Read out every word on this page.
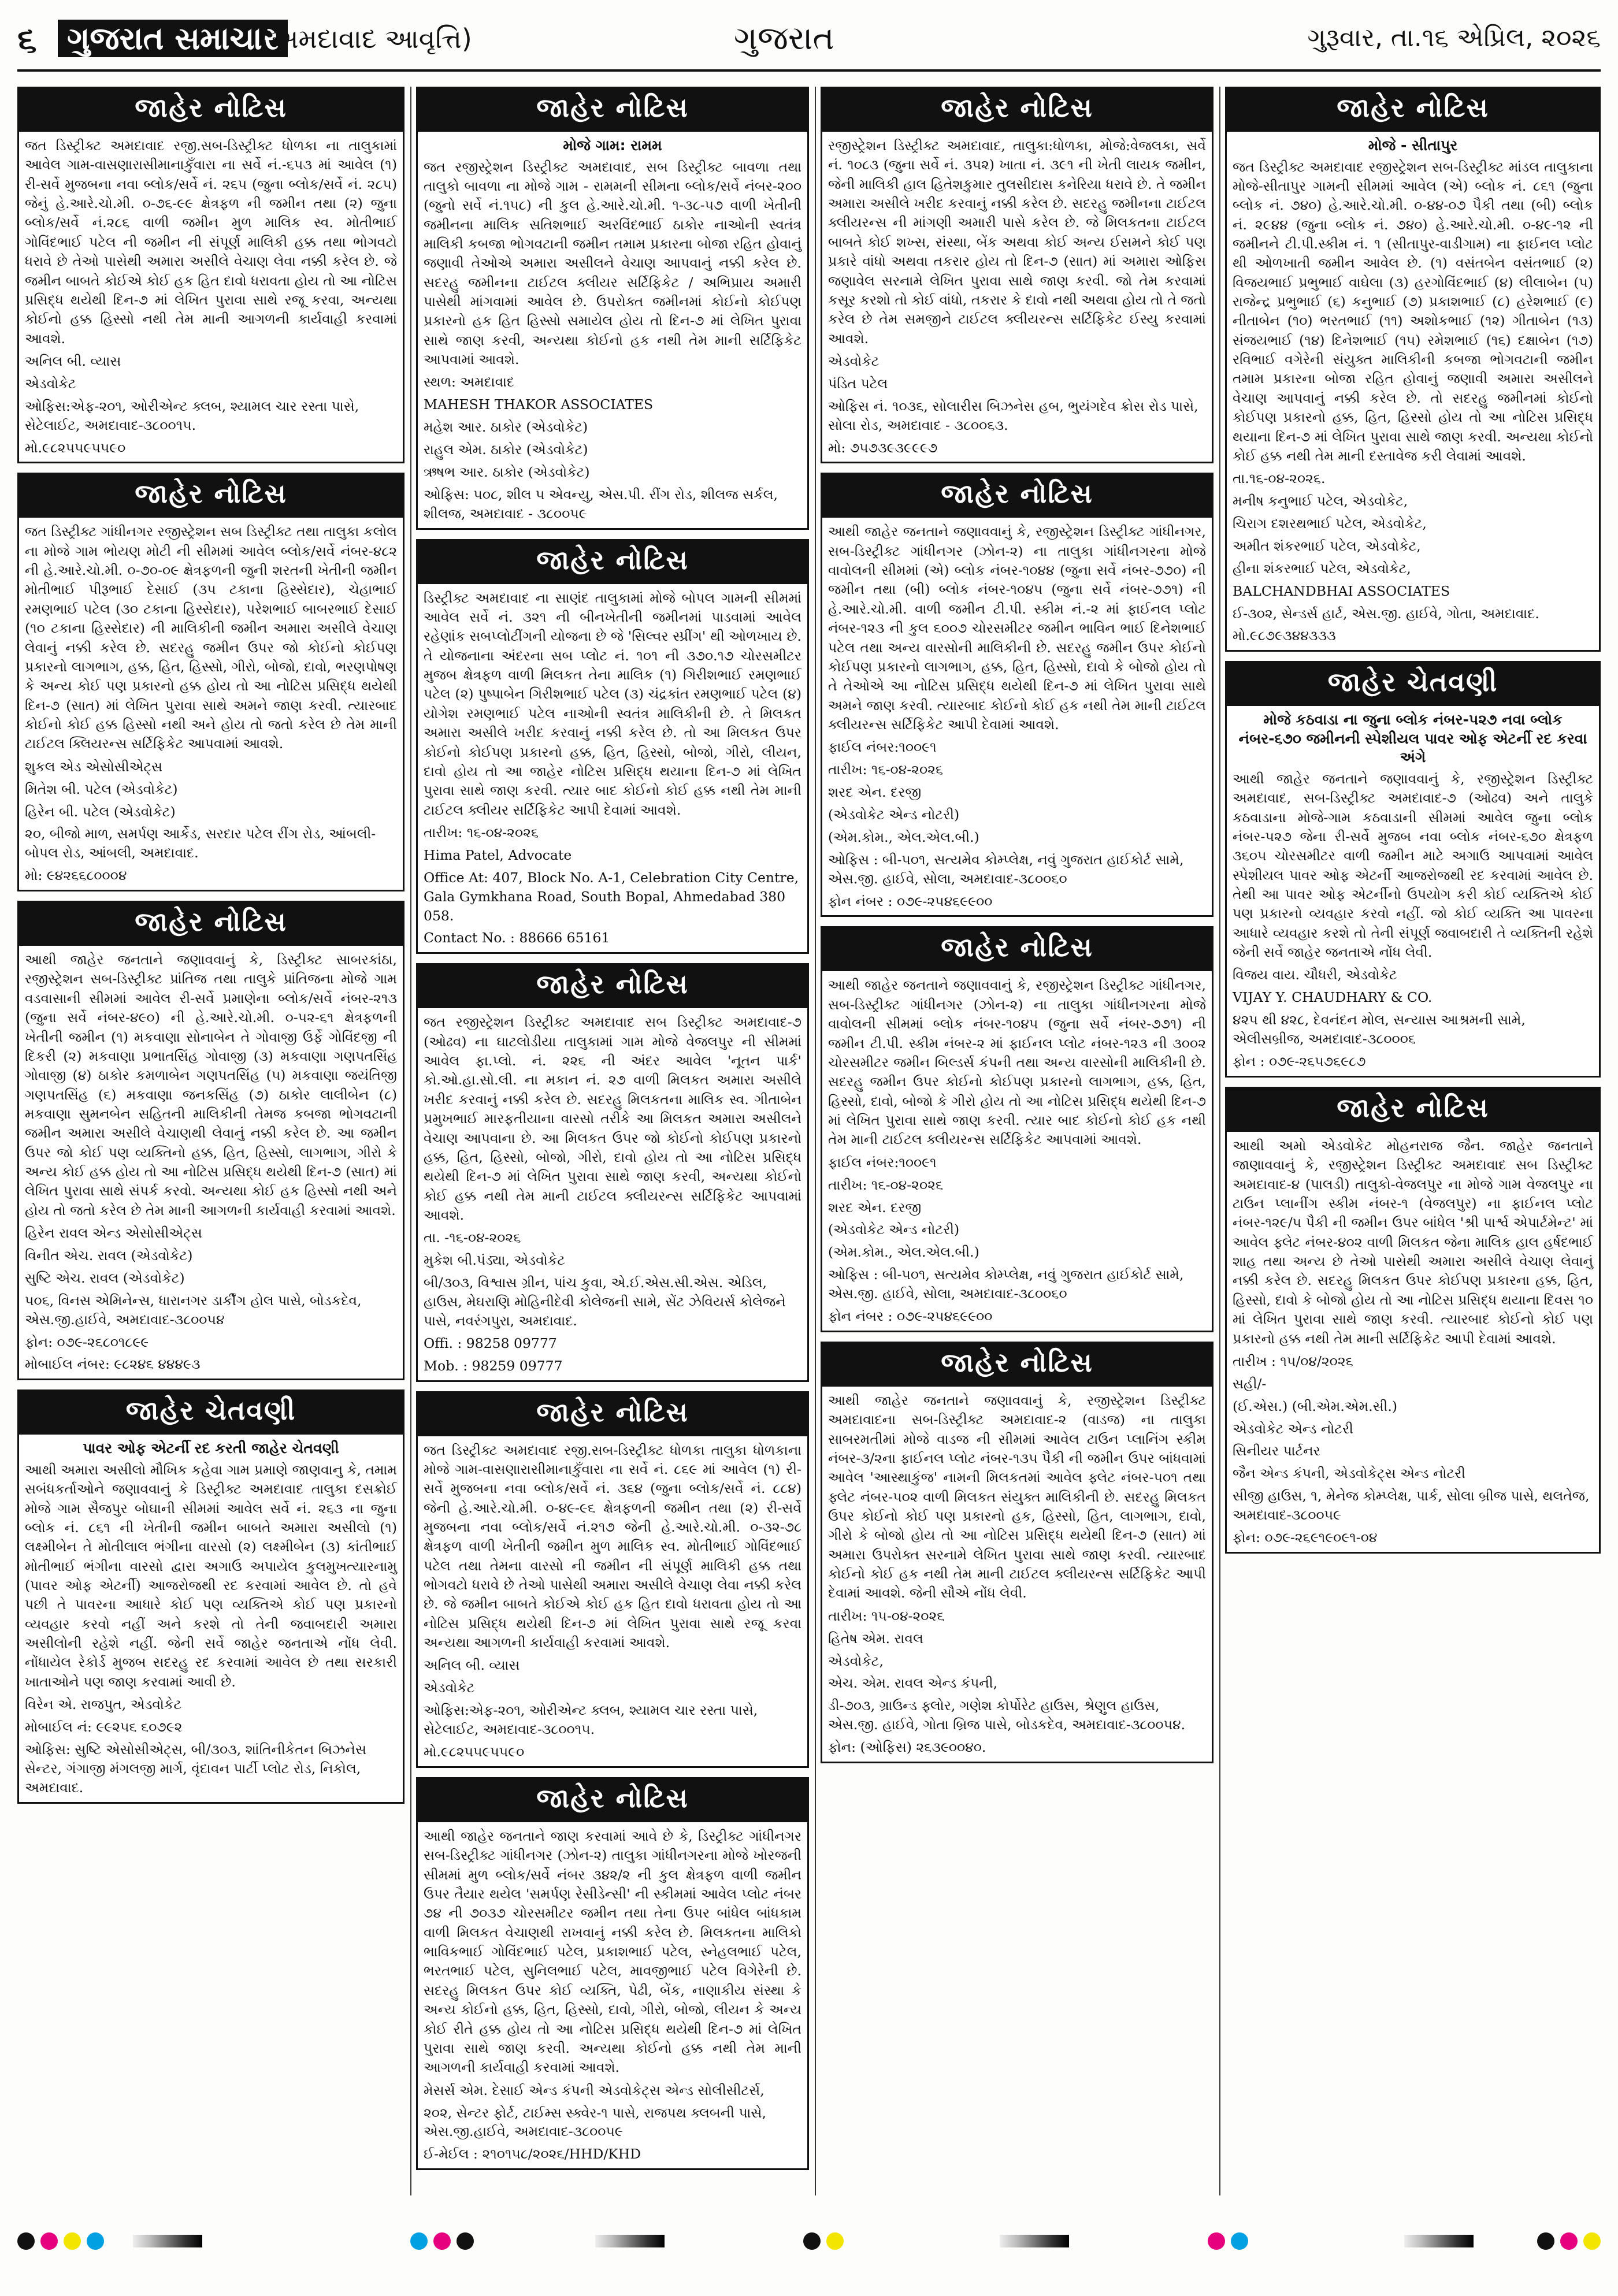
૬ ગુજરાત સમાચાર
(અમદાવાદ આવૃત્તિ)	ગુજરાત	ગુરૂવાર, તા.૧૬ એપ્રિલ, ૨૦૨૬
જાહેર નોટિસ
જત ડિસ્ટ્રીક્ટ અમદાવાદ રજી.સબ-ડિસ્ટ્રીક્ટ ધોળકા ના તાલુકામાં આવેલ ગામ-વાસણારાસીમાનાકુઁવારા ના સર્વે નં.-૬૫૩ માં આવેલ (૧) રી-સર્વે મુજબના નવા બ્લોક/સર્વે નં. ૨૬૫ (જુના બ્લોક/સર્વે નં. ૨૮૫) જેનું હે.આરે.ચો.મી. ૦-૭૬-૯૯ ક્ષેત્રફળ ની જમીન તથા (૨) જુના બ્લોક/સર્વે નં.૨૮૬ વાળી જમીન મુળ માલિક સ્વ. મોતીભાઈ ગોવિંદભાઈ પટેલ ની જમીન ની સંપૂર્ણ માલિકી હક્ક તથા ભોગવટો ધરાવે છે તેઓ પાસેથી અમારા અસીલે વેચાણ લેવા નક્કી કરેલ છે. જે જમીન બાબતે કોઈએ કોઈ હક હિત દાવો ધરાવતા હોય તો આ નોટિસ પ્રસિદ્ધ થયેથી દિન-૭ માં લેખિત પુરાવા સાથે રજૂ કરવા, અન્યથા કોઈનો હક્ક હિસ્સો નથી તેમ માની આગળની કાર્યવાહી કરવામાં આવશે.
અનિલ બી. વ્યાસ
એડવોકેટ
ઓફિસ:એફ-૨૦૧, ઓરીએન્ટ ક્લબ, શ્યામલ ચાર રસ્તા પાસે, સેટેલાઈટ, અમદાવાદ-૩૮૦૦૧૫.
મો.૯૮૨૫૫૯૫૫૯૦
જાહેર નોટિસ
જત ડિસ્ટ્રીક્ટ ગાંધીનગર રજીસ્ટ્રેશન સબ ડિસ્ટ્રીક્ટ તથા તાલુકા કલોલ ના મોજે ગામ ભોયણ મોટી ની સીમમાં આવેલ બ્લોક/સર્વે નંબર-૪૮૨ ની હે.આરે.ચો.મી. ૦-૭૦-૦૯ ક્ષેત્રફળની જુની શરતની ખેતીની જમીન મોતીભાઈ પીરૂભાઈ દેસાઈ (૩૫ ટકાના હિસ્સેદાર), ચેહાભાઈ રમણભાઈ પટેલ (૩૦ ટકાના હિસ્સેદાર), પરેશભાઈ બાબરભાઈ દેસાઈ (૧૦ ટકાના હિસ્સેદાર) ની માલિકીની જમીન અમારા અસીલે વેચાણ લેવાનું નક્કી કરેલ છે. સદરહુ જમીન ઉપર જો કોઈનો કોઈપણ પ્રકારનો લાગભાગ, હક્ક, હિત, હિસ્સો, ગીરો, બોજો, દાવો, ભરણપોષણ કે અન્ય કોઈ પણ પ્રકારનો હક્ક હોય તો આ નોટિસ પ્રસિદ્ધ થયેથી દિન-૭ (સાત) માં લેખિત પુરાવા સાથે અમને જાણ કરવી. ત્યારબાદ કોઈનો કોઈ હક્ક હિસ્સો નથી અને હોય તો જતો કરેલ છે તેમ માની ટાઈટલ ક્લિયરન્સ સર્ટિફિકેટ આપવામાં આવશે.
શુકલ એડ એસોસીએટ્સ
મિતેશ બી. પટેલ (એડવોકેટ)
હિરેન બી. પટેલ (એડવોકેટ)
૨૦, બીજો માળ, સમર્પણ આર્કેડ, સરદાર પટેલ રીંગ રોડ, આંબલી-બોપલ રોડ, આંબલી, અમદાવાદ.
મો: ૯૪૨૬૬૮૦૦૦૪
જાહેર નોટિસ
આથી જાહેર જનતાને જણાવવાનું કે, ડિસ્ટ્રીક્ટ સાબરકાંઠા, રજીસ્ટ્રેશન સબ-ડિસ્ટ્રીક્ટ પ્રાંતિજ તથા તાલુકે પ્રાંતિજના મોજે ગામ વડવાસાની સીમમાં આવેલ રી-સર્વે પ્રમાણેના બ્લોક/સર્વે નંબર-૨૧૩ (જુના સર્વે નંબર-૪૯૦) ની હે.આરે.ચો.મી. ૦-૫૨-૬૧ ક્ષેત્રફળની ખેતીની જમીન (૧) મકવાણા સોનાબેન તે ગોવાજી ઉર્ફે ગોવિંદજી ની દિકરી (૨) મકવાણા પ્રભાતસિંહ ગોવાજી (૩) મકવાણા ગણપતસિંહ ગોવાજી (૪) ઠાકોર કમળાબેન ગણપતસિંહ (૫) મકવાણા જયંતિજી ગણપતસિંહ (૬) મકવાણા જનકસિંહ (૭) ઠાકોર લાલીબેન (૮) મકવાણા સુમનબેન સહિતની માલિકીની તેમજ કબજા ભોગવટાની જમીન અમારા અસીલે વેચાણથી લેવાનું નક્કી કરેલ છે. આ જમીન ઉપર જો કોઈ પણ વ્યક્તિનો હક્ક, હિત, હિસ્સો, લાગભાગ, ગીરો કે અન્ય કોઈ હક્ક હોય તો આ નોટિસ પ્રસિદ્ધ થયેથી દિન-૭ (સાત) માં લેખિત પુરાવા સાથે સંપર્ક કરવો. અન્યથા કોઈ હક હિસ્સો નથી અને હોય તો જતો કરેલ છે તેમ માની આગળની કાર્યવાહી કરવામાં આવશે.
હિરેન રાવલ એન્ડ એસોસીએટ્સ
વિનીત એચ. રાવલ (એડવોકેટ)
સુષ્ટિ એચ. રાવલ (એડવોકેટ)
૫૦૬, વિનસ એમિનેન્સ, ધારાનગર ડાર્કીંગ હોલ પાસે, બોડકદેવ, એસ.જી.હાઈવે, અમદાવાદ-૩૮૦૦૫૪
ફોન: ૦૭૯-૨૬૮૦૧૮૯૯
મોબાઈલ નંબર: ૯૮૨૪૬ ૪૪૪૯૩
જાહેર ચેતવણી
પાવર ઓફ એટર્ની રદ કરતી જાહેર ચેતવણી
આથી અમારા અસીલો મૌખિક કહેવા ગામ પ્રમાણે જાણવાનુ કે, તમામ સબંધકર્તાઓને જણાવવાનું કે ડિસ્ટ્રીક્ટ અમદાવાદ તાલુકા દસક્રોઈ મોજે ગામ સૈજપુર બોઘાની સીમમાં આવેલ સર્વે નં. ૨૬૩ ના જુના બ્લોક નં. ૮૬૧ ની ખેતીની જમીન બાબતે અમારા અસીલો (૧) લક્ષ્મીબેન તે મોતીલાલ ભંગીના વારસો (૨) લક્ષ્મીબેન (૩) કાંતીભાઈ મોતીભાઈ ભંગીના વારસો દ્વારા અગાઉ અપાયેલ કુલમુખત્યારનામુ (પાવર ઓફ એટર્ની) આજરોજથી રદ કરવામાં આવેલ છે. તો હવે પછી તે પાવરના આધારે કોઈ પણ વ્યક્તિએ કોઈ પણ પ્રકારનો વ્યવહાર કરવો નહીં અને કરશે તો તેની જવાબદારી અમારા અસીલોની રહેશે નહીં. જેની સર્વે જાહેર જનતાએ નોંધ લેવી. નોંધાયેલ રેકોર્ડ મુજબ સદરહુ રદ કરવામાં આવેલ છે તથા સરકારી ખાતાઓને પણ જાણ કરવામાં આવી છે.
વિરેન એ. રાજપુત, એડવોકેટ
મોબાઈલ નં: ૯૯૨૫૬ ૬૦૭૯૨
ઓફિસ: સુષ્ટિ એસોસીએટ્સ, બી/૩૦૩, શાંતિનીકેતન બિઝનેસ સેન્ટર, ગંગાજી મંગલજી માર્ગ, વૃંદાવન પાર્ટી પ્લોટ રોડ, નિકોલ, અમદાવાદ.
જાહેર નોટિસ
મોજે ગામ: રામમ
જત રજીસ્ટ્રેશન ડિસ્ટ્રીક્ટ અમદાવાદ, સબ ડિસ્ટ્રીક્ટ બાવળા તથા તાલુકો બાવળા ના મોજે ગામ - રામમની સીમના બ્લોક/સર્વે નંબર-૨૦૦ (જુનો સર્વે નં.૧૫૮) ની કુલ હે.આરે.ચો.મી. ૧-૩૮-૫૭ વાળી ખેતીની જમીનના માલિક સતિશભાઈ અરવિંદભાઈ ઠાકોર નાઓની સ્વતંત્ર માલિકી કબજા ભોગવટાની જમીન તમામ પ્રકારના બોજા રહિત હોવાનું જણાવી તેઓએ અમારા અસીલને વેચાણ આપવાનું નક્કી કરેલ છે. સદરહુ જમીનના ટાઈટલ ક્લીયર સર્ટિફિકેટ / અભિપ્રાય અમારી પાસેથી માંગવામાં આવેલ છે. ઉપરોક્ત જમીનમાં કોઈનો કોઈપણ પ્રકારનો હક હિત હિસ્સો સમાયેલ હોય તો દિન-૭ માં લેખિત પુરાવા સાથે જાણ કરવી, અન્યથા કોઈનો હક નથી તેમ માની સર્ટિફિકેટ આપવામાં આવશે.
સ્થળ: અમદાવાદ
MAHESH THAKOR ASSOCIATES
મહેશ આર. ઠાકોર (એડવોકેટ)
રાહુલ એમ. ઠાકોર (એડવોકેટ)
ઋષભ આર. ઠાકોર (એડવોકેટ)
ઓફિસ: ૫૦૮, શીલ ૫ એવન્યુ, એસ.પી. રીંગ રોડ, શીલજ સર્કલ, શીલજ, અમદાવાદ - ૩૮૦૦૫૯
જાહેર નોટિસ
ડિસ્ટ્રીક્ટ અમદાવાદ ના સાણંદ તાલુકામાં મોજે બોપલ ગામની સીમમાં આવેલ સર્વે નં. ૩૨૧ ની બીનખેતીની જમીનમાં પાડવામાં આવેલ રહેણાંક સબપ્લોટીંગની યોજના છે જે 'સિલ્વર સ્પ્રીંગ' થી ઓળખાય છે. તે યોજનાના અંદરના સબ પ્લોટ નં. ૧૦૧ ની ૩૭૦.૧૭ ચોરસમીટર મુજબ ક્ષેત્રફળ વાળી મિલકત તેના માલિક (૧) ગિરીશભાઈ રમણભાઈ પટેલ (૨) પુષ્પાબેન ગિરીશભાઈ પટેલ (૩) ચંદ્રકાંત રમણભાઈ પટેલ (૪) યોગેશ રમણભાઈ પટેલ નાઓની સ્વતંત્ર માલિકીની છે. તે મિલકત અમારા અસીલે ખરીદ કરવાનું નક્કી કરેલ છે. તો આ મિલકત ઉપર કોઈનો કોઈપણ પ્રકારનો હક્ક, હિત, હિસ્સો, બોજો, ગીરો, લીયન, દાવો હોય તો આ જાહેર નોટિસ પ્રસિદ્ધ થયાના દિન-૭ માં લેખિત પુરાવા સાથે જાણ કરવી. ત્યાર બાદ કોઈનો કોઈ હક્ક નથી તેમ માની ટાઈટલ ક્લીયર સર્ટિફિકેટ આપી દેવામાં આવશે.
તારીખ: ૧૬-૦૪-૨૦૨૬
Hima Patel, Advocate
Office At: 407, Block No. A-1, Celebration City Centre, Gala Gymkhana Road, South Bopal, Ahmedabad 380 058.
Contact No. : 88666 65161
જાહેર નોટિસ
જત રજીસ્ટ્રેશન ડિસ્ટ્રીક્ટ અમદાવાદ સબ ડિસ્ટ્રીક્ટ અમદાવાદ-૭ (ઓઢવ) ના ઘાટલોડીયા તાલુકામાં ગામ મોજે વેજલપુર ની સીમમાં આવેલ ફા.પ્લો. નં. ૨૨૬ ની અંદર આવેલ 'નૂતન પાર્ક' કો.ઓ.હા.સો.લી. ના મકાન નં. ૨૭ વાળી મિલકત અમારા અસીલે ખરીદ કરવાનું નક્કી કરેલ છે. સદરહુ મિલકતના માલિક સ્વ. ગીતાબેન પ્રમુખભાઈ મારફતીયાના વારસો તરીકે આ મિલકત અમારા અસીલને વેચાણ આપવાના છે. આ મિલકત ઉપર જો કોઈનો કોઈપણ પ્રકારનો હક્ક, હિત, હિસ્સો, બોજો, ગીરો, દાવો હોય તો આ નોટિસ પ્રસિદ્ધ થયેથી દિન-૭ માં લેખિત પુરાવા સાથે જાણ કરવી, અન્યથા કોઈનો કોઈ હક્ક નથી તેમ માની ટાઈટલ ક્લીયરન્સ સર્ટિફિકેટ આપવામાં આવશે.
તા. -૧૬-૦૪-૨૦૨૬
મુકેશ બી.પંડ્યા, એડવોકેટ
બી/૩૦૩, વિશ્વાસ ગ્રીન, પાંચ કુવા, એ.ઈ.એસ.સી.એસ. એડિલ, હાઉસ, મેઘરાણિ મોહિનીદેવી કોલેજની સામે, સેંટ ઝેવિયર્સ કોલેજને પાસે, નવરંગપુરા, અમદાવાદ.
Offi. : 98258 09777
Mob. : 98259 09777
જાહેર નોટિસ
જત ડિસ્ટ્રીક્ટ અમદાવાદ રજી.સબ-ડિસ્ટ્રીક્ટ ધોળકા તાલુકા ધોળકાના મોજે ગામ-વાસણારાસીમાનાકુઁવારા ના સર્વે નં. ૮૬૯ માં આવેલ (૧) રી-સર્વે મુજબના નવા બ્લોક/સર્વે નં. ૩૬૪ (જુના બ્લોક/સર્વે નં. ૮૮૪) જેની હે.આરે.ચો.મી. ૦-૪૯-૯૬ ક્ષેત્રફળની જમીન તથા (૨) રી-સર્વે મુજબના નવા બ્લોક/સર્વે નં.૨૧૭ જેની હે.આરે.ચો.મી. ૦-૩૨-૭૮ ક્ષેત્રફળ વાળી ખેતીની જમીન મુળ માલિક સ્વ. મોતીભાઈ ગોવિંદભાઈ પટેલ તથા તેમના વારસો ની જમીન ની સંપૂર્ણ માલિકી હક્ક તથા ભોગવટો ધરાવે છે તેઓ પાસેથી અમારા અસીલે વેચાણ લેવા નક્કી કરેલ છે. જે જમીન બાબતે કોઈએ કોઈ હક હિત દાવો ધરાવતા હોય તો આ નોટિસ પ્રસિદ્ધ થયેથી દિન-૭ માં લેખિત પુરાવા સાથે રજૂ કરવા અન્યથા આગળની કાર્યવાહી કરવામાં આવશે.
અનિલ બી. વ્યાસ
એડવોકેટ
ઓફિસ:એફ-૨૦૧, ઓરીએન્ટ ક્લબ, શ્યામલ ચાર રસ્તા પાસે, સેટેલાઈટ, અમદાવાદ-૩૮૦૦૧૫.
મો.૯૮૨૫૫૯૫૫૯૦
જાહેર નોટિસ
આથી જાહેર જનતાને જાણ કરવામાં આવે છે કે, ડિસ્ટ્રીક્ટ ગાંધીનગર સબ-ડિસ્ટ્રીક્ટ ગાંધીનગર (ઝોન-૨) તાલુકા ગાંધીનગરના મોજે ખોરજની સીમમાં મુળ બ્લોક/સર્વે નંબર ૩૪૨/૨ ની કુલ ક્ષેત્રફળ વાળી જમીન ઉપર તૈયાર થયેલ 'સમર્પણ રેસીડેન્સી' ની સ્કીમમાં આવેલ પ્લોટ નંબર ૭૪ ની ૭૦૩૭ ચોરસમીટર જમીન તથા તેના ઉપર બાંધેલ બાંધકામ વાળી મિલકત વેચાણથી રાખવાનું નક્કી કરેલ છે. મિલકતના માલિકો ભાવિકભાઈ ગોવિંદભાઈ પટેલ, પ્રકાશભાઈ પટેલ, સ્નેહલભાઈ પટેલ, ભરતભાઈ પટેલ, સુનિલભાઈ પટેલ, માવજીભાઈ પટેલ વિગેરેની છે. સદરહુ મિલકત ઉપર કોઈ વ્યક્તિ, પેઢી, બેંક, નાણાકીય સંસ્થા કે અન્ય કોઈનો હક્ક, હિત, હિસ્સો, દાવો, ગીરો, બોજો, લીયન કે અન્ય કોઈ રીતે હક્ક હોય તો આ નોટિસ પ્રસિદ્ધ થયેથી દિન-૭ માં લેખિત પુરાવા સાથે જાણ કરવી. અન્યથા કોઈનો હક્ક નથી તેમ માની આગળની કાર્યવાહી કરવામાં આવશે.
મેસર્સ એમ. દેસાઈ એન્ડ કંપની એડવોકેટ્સ એન્ડ સોલીસીટર્સ,
૨૦૨, સેન્ટર ફોર્ટ, ટાઈમ્સ સ્ક્વેર-૧ પાસે, રાજપથ ક્લબની પાસે, એસ.જી.હાઈવે, અમદાવાદ-૩૮૦૦૫૯
ઈ-મેઈલ : ૨૧૦૧૫૮/૨૦૨૬/HHD/KHD
જાહેર નોટિસ
રજીસ્ટ્રેશન ડિસ્ટ્રીક્ટ અમદાવાદ, તાલુકા:ધોળકા, મોજે:વેજલકા, સર્વે નં. ૧૦૮૩ (જુના સર્વે નં. ૩૫૨) ખાતા નં. ૩૯૧ ની ખેતી લાયક જમીન, જેની માલિકી હાલ હિતેશકુમાર તુલસીદાસ કનેરિયા ધરાવે છે. તે જમીન અમારા અસીલે ખરીદ કરવાનું નક્કી કરેલ છે. સદરહુ જમીનના ટાઈટલ ક્લીયરન્સ ની માંગણી અમારી પાસે કરેલ છે. જે મિલકતના ટાઈટલ બાબતે કોઈ શખ્સ, સંસ્થા, બેંક અથવા કોઈ અન્ય ઈસમને કોઈ પણ પ્રકારે વાંધો અથવા તકરાર હોય તો દિન-૭ (સાત) માં અમારા ઓફિસ જણાવેલ સરનામે લેખિત પુરાવા સાથે જાણ કરવી. જો તેમ કરવામાં કસૂર કરશો તો કોઈ વાંધો, તકરાર કે દાવો નથી અથવા હોય તો તે જતો કરેલ છે તેમ સમજીને ટાઈટલ ક્લીયરન્સ સર્ટિફિકેટ ઈસ્યુ કરવામાં આવશે.
એડવોકેટ
પંડિત પટેલ
ઓફિસ નં. ૧૦૩૬, સોલારીસ બિઝનેસ હબ, ભુયંગદેવ ક્રોસ રોડ પાસે, સોલા રોડ, અમદાવાદ - ૩૮૦૦૬૩.
મો: ૭૫૭૩૯૩૯૯૯૭
જાહેર નોટિસ
આથી જાહેર જનતાને જણાવવાનું કે, રજીસ્ટ્રેશન ડિસ્ટ્રીક્ટ ગાંધીનગર, સબ-ડિસ્ટ્રીક્ટ ગાંધીનગર (ઝોન-૨) ના તાલુકા ગાંધીનગરના મોજે વાવોલની સીમમાં (એ) બ્લોક નંબર-૧૦૪૪ (જુના સર્વે નંબર-૭૭૦) ની જમીન તથા (બી) બ્લોક નંબર-૧૦૪૫ (જુના સર્વે નંબર-૭૭૧) ની હે.આરે.ચો.મી. વાળી જમીન ટી.પી. સ્કીમ નં.-૨ માં ફાઈનલ પ્લોટ નંબર-૧૨૩ ની કુલ ૬૦૦૭ ચોરસમીટર જમીન ભાવિન ભાઈ દિનેશભાઈ પટેલ તથા અન્ય વારસોની માલિકીની છે. સદરહુ જમીન ઉપર કોઈનો કોઈપણ પ્રકારનો લાગભાગ, હક્ક, હિત, હિસ્સો, દાવો કે બોજો હોય તો તે તેઓએ આ નોટિસ પ્રસિદ્ધ થયેથી દિન-૭ માં લેખિત પુરાવા સાથે અમને જાણ કરવી. ત્યારબાદ કોઈનો કોઈ હક નથી તેમ માની ટાઈટલ ક્લીયરન્સ સર્ટિફિકેટ આપી દેવામાં આવશે.
ફાઈલ નંબર:૧૦૦૯૧
તારીખ: ૧૬-૦૪-૨૦૨૬
શરદ એન. દરજી
(એડવોકેટ એન્ડ નોટરી)
(એમ.કોમ., એલ.એલ.બી.)
ઓફિસ : બી-૫૦૧, સત્યમેવ કોમ્પ્લેક્ષ, નવું ગુજરાત હાઈકોર્ટ સામે, એસ.જી. હાઈવે, સોલા, અમદાવાદ-૩૮૦૦૬૦
ફોન નંબર : ૦૭૯-૨૫૪૬૯૯૦૦
જાહેર નોટિસ
આથી જાહેર જનતાને જણાવવાનું કે, રજીસ્ટ્રેશન ડિસ્ટ્રીક્ટ ગાંધીનગર, સબ-ડિસ્ટ્રીક્ટ ગાંધીનગર (ઝોન-૨) ના તાલુકા ગાંધીનગરના મોજે વાવોલની સીમમાં બ્લોક નંબર-૧૦૪૫ (જુના સર્વે નંબર-૭૭૧) ની જમીન ટી.પી. સ્કીમ નંબર-૨ માં ફાઈનલ પ્લોટ નંબર-૧૨૩ ની ૩૦૦૨ ચોરસમીટર જમીન બિલ્ડર્સ કંપની તથા અન્ય વારસોની માલિકીની છે. સદરહુ જમીન ઉપર કોઈનો કોઈપણ પ્રકારનો લાગભાગ, હક્ક, હિત, હિસ્સો, દાવો, બોજો કે ગીરો હોય તો આ નોટિસ પ્રસિદ્ધ થયેથી દિન-૭ માં લેખિત પુરાવા સાથે જાણ કરવી. ત્યાર બાદ કોઈનો કોઈ હક નથી તેમ માની ટાઈટલ ક્લીયરન્સ સર્ટિફિકેટ આપવામાં આવશે.
ફાઈલ નંબર:૧૦૦૯૧
તારીખ: ૧૬-૦૪-૨૦૨૬
શરદ એન. દરજી
(એડવોકેટ એન્ડ નોટરી)
(એમ.કોમ., એલ.એલ.બી.)
ઓફિસ : બી-૫૦૧, સત્યમેવ કોમ્પ્લેક્ષ, નવું ગુજરાત હાઈકોર્ટ સામે, એસ.જી. હાઈવે, સોલા, અમદાવાદ-૩૮૦૦૬૦
ફોન નંબર : ૦૭૯-૨૫૪૬૯૯૦૦
જાહેર નોટિસ
આથી જાહેર જનતાને જણાવવાનું કે, રજીસ્ટ્રેશન ડિસ્ટ્રીક્ટ અમદાવાદના સબ-ડિસ્ટ્રીક્ટ અમદાવાદ-૨ (વાડજ) ના તાલુકા સાબરમતીમાં મોજે વાડજ ની સીમમાં આવેલ ટાઉન પ્લાનિંગ સ્કીમ નંબર-૩/૨ના ફાઈનલ પ્લોટ નંબર-૧૩૫ પૈકી ની જમીન ઉપર બાંધવામાં આવેલ 'આસ્થાકુંજ' નામની મિલકતમાં આવેલ ફ્લેટ નંબર-૫૦૧ તથા ફ્લેટ નંબર-૫૦૨ વાળી મિલકત સંયુક્ત માલિકીની છે. સદરહુ મિલકત ઉપર કોઈનો કોઈ પણ પ્રકારનો હક, હિસ્સો, હિત, લાગભાગ, દાવો, ગીરો કે બોજો હોય તો આ નોટિસ પ્રસિદ્ધ થયેથી દિન-૭ (સાત) માં અમારા ઉપરોક્ત સરનામે લેખિત પુરાવા સાથે જાણ કરવી. ત્યારબાદ કોઈનો કોઈ હક નથી તેમ માની ટાઈટલ ક્લીયરન્સ સર્ટિફિકેટ આપી દેવામાં આવશે. જેની સૌએ નોંધ લેવી.
તારીખ: ૧૫-૦૪-૨૦૨૬
હિતેષ એમ. રાવલ
એડવોકેટ,
એચ. એમ. રાવલ એન્ડ કંપની,
ડી-૭૦૩, ગ્રાઉન્ડ ફ્લોર, ગણેશ કોર્પોરેટ હાઉસ, શ્રેણુલ હાઉસ, એસ.જી. હાઈવે, ગોતા બ્રિજ પાસે, બોડકદેવ, અમદાવાદ-૩૮૦૦૫૪.
ફોન: (ઓફિસ) ૨૬૩૯૦૦૪૦.
જાહેર નોટિસ
મોજે - સીતાપુર
જત ડિસ્ટ્રીક્ટ અમદાવાદ રજીસ્ટ્રેશન સબ-ડિસ્ટ્રીક્ટ માંડલ તાલુકાના મોજે-સીતાપુર ગામની સીમમાં આવેલ (એ) બ્લોક નં. ૮૬૧ (જુના બ્લોક નં. ૭૪૦) હે.આરે.ચો.મી. ૦-૪૪-૦૭ પૈકી તથા (બી) બ્લોક નં. ૨૯૪૪ (જુના બ્લોક નં. ૭૪૦) હે.આરે.ચો.મી. ૦-૪૯-૧૨ ની જમીનને ટી.પી.સ્કીમ નં. ૧ (સીતાપુર-વાડીગામ) ના ફાઈનલ પ્લોટ થી ઓળખાતી જમીન આવેલ છે. (૧) વસંતબેન વસંતભાઈ (૨) વિજયભાઈ પ્રભુભાઈ વાઘેલા (૩) હરગોવિંદભાઈ (૪) લીલાબેન (૫) રાજેન્દ્ર પ્રભુભાઈ (૬) કનુભાઈ (૭) પ્રકાશભાઈ (૮) હરેશભાઈ (૯) નીતાબેન (૧૦) ભરતભાઈ (૧૧) અશોકભાઈ (૧૨) ગીતાબેન (૧૩) સંજયભાઈ (૧૪) દિનેશભાઈ (૧૫) રમેશભાઈ (૧૬) દક્ષાબેન (૧૭) રવિભાઈ વગેરેની સંયુક્ત માલિકીની કબજા ભોગવટાની જમીન તમામ પ્રકારના બોજા રહિત હોવાનું જણાવી અમારા અસીલને વેચાણ આપવાનું નક્કી કરેલ છે. તો સદરહુ જમીનમાં કોઈનો કોઈપણ પ્રકારનો હક્ક, હિત, હિસ્સો હોય તો આ નોટિસ પ્રસિદ્ધ થયાના દિન-૭ માં લેખિત પુરાવા સાથે જાણ કરવી. અન્યથા કોઈનો કોઈ હક્ક નથી તેમ માની દસ્તાવેજ કરી લેવામાં આવશે.
તા.૧૬-૦૪-૨૦૨૬.
મનીષ કનુભાઈ પટેલ, એડવોકેટ,
ચિરાગ દશરથભાઈ પટેલ, એડવોકેટ,
અમીત શંકરભાઈ પટેલ, એડવોકેટ,
હીના શંકરભાઈ પટેલ, એડવોકેટ,
BALCHANDBHAI ASSOCIATES
ઈ-૩૦૨, સેન્ડર્સ હાર્ટ, એસ.જી. હાઈવે, ગોતા, અમદાવાદ.
મો.૯૮૭૯૩૪૪૩૩૩
જાહેર ચેતવણી
મોજે કઠવાડા ના જુના બ્લોક નંબર-૫૨૭ નવા બ્લોક નંબર-૬૭૦ જમીનની સ્પેશીયલ પાવર ઓફ એટર્ની રદ કરવા અંગે
આથી જાહેર જનતાને જણાવવાનું કે, રજીસ્ટ્રેશન ડિસ્ટ્રીક્ટ અમદાવાદ, સબ-ડિસ્ટ્રીક્ટ અમદાવાદ-૭ (ઓઢવ) અને તાલુકે કઠવાડાના મોજે-ગામ કઠવાડાની સીમમાં આવેલ જુના બ્લોક નંબર-૫૨૭ જેના રી-સર્વે મુજબ નવા બ્લોક નંબર-૬૭૦ ક્ષેત્રફળ ૩૬૦૫ ચોરસમીટર વાળી જમીન માટે અગાઉ આપવામાં આવેલ સ્પેશીયલ પાવર ઓફ એટર્ની આજરોજથી રદ કરવામાં આવેલ છે. તેથી આ પાવર ઓફ એટર્નીનો ઉપયોગ કરી કોઈ વ્યક્તિએ કોઈ પણ પ્રકારનો વ્યવહાર કરવો નહીં. જો કોઈ વ્યક્તિ આ પાવરના આધારે વ્યવહાર કરશે તો તેની સંપૂર્ણ જવાબદારી તે વ્યક્તિની રહેશે જેની સર્વે જાહેર જનતાએ નોંધ લેવી.
વિજય વાય. ચૌધરી, એડવોકેટ
VIJAY Y. CHAUDHARY & CO.
૪૨૫ થી ૪૨૮, દેવનંદન મોલ, સન્યાસ આશ્રમની સામે, એલીસબ્રીજ, અમદાવાદ-૩૮૦૦૦૬
ફોન : ૦૭૯-૨૬૫૭૬૯૮૭
જાહેર નોટિસ
આથી અમો એડવોકેટ મોહનરાજ જૈન. જાહેર જનતાને જાણાવવાનું કે, રજીસ્ટ્રેશન ડિસ્ટ્રીક્ટ અમદાવાદ સબ ડિસ્ટ્રીક્ટ અમદાવાદ-૪ (પાલડી) તાલુકો-વેજલપુર ના મોજે ગામ વેજલપુર ના ટાઉન પ્લાનીંગ સ્કીમ નંબર-૧ (વેજલપુર) ના ફાઈનલ પ્લોટ નંબર-૧૨૯/૫ પૈકી ની જમીન ઉપર બાંધેલ 'શ્રી પાર્શ્વ એપાર્ટમેન્ટ' માં આવેલ ફ્લેટ નંબર-૪૦૨ વાળી મિલકત જેના માલિક હાલ હર્ષદભાઈ શાહ તથા અન્ય છે તેઓ પાસેથી અમારા અસીલે વેચાણ લેવાનું નક્કી કરેલ છે. સદરહુ મિલકત ઉપર કોઈપણ પ્રકારના હક્ક, હિત, હિસ્સો, દાવો કે બોજો હોય તો આ નોટિસ પ્રસિદ્ધ થયાના દિવસ ૧૦ માં લેખિત પુરાવા સાથે જાણ કરવી. ત્યારબાદ કોઈનો કોઈ પણ પ્રકારનો હક્ક નથી તેમ માની સર્ટિફિકેટ આપી દેવામાં આવશે.
તારીખ : ૧૫/૦૪/૨૦૨૬
સહી/-
(ઈ.એસ.) (બી.એમ.એમ.સી.)
એડવોકેટ એન્ડ નોટરી
સિનીયર પાર્ટનર
જૈન એન્ડ કંપની, એડવોકેટ્સ એન્ડ નોટરી
સીજી હાઉસ, ૧, મેનેજ કોમ્પ્લેક્ષ, પાર્ક, સોલા બ્રીજ પાસે, થલતેજ, અમદાવાદ-૩૮૦૦૫૯
ફોન: ૦૭૯-૨૬૯૧૯૦૯૧-૦૪
